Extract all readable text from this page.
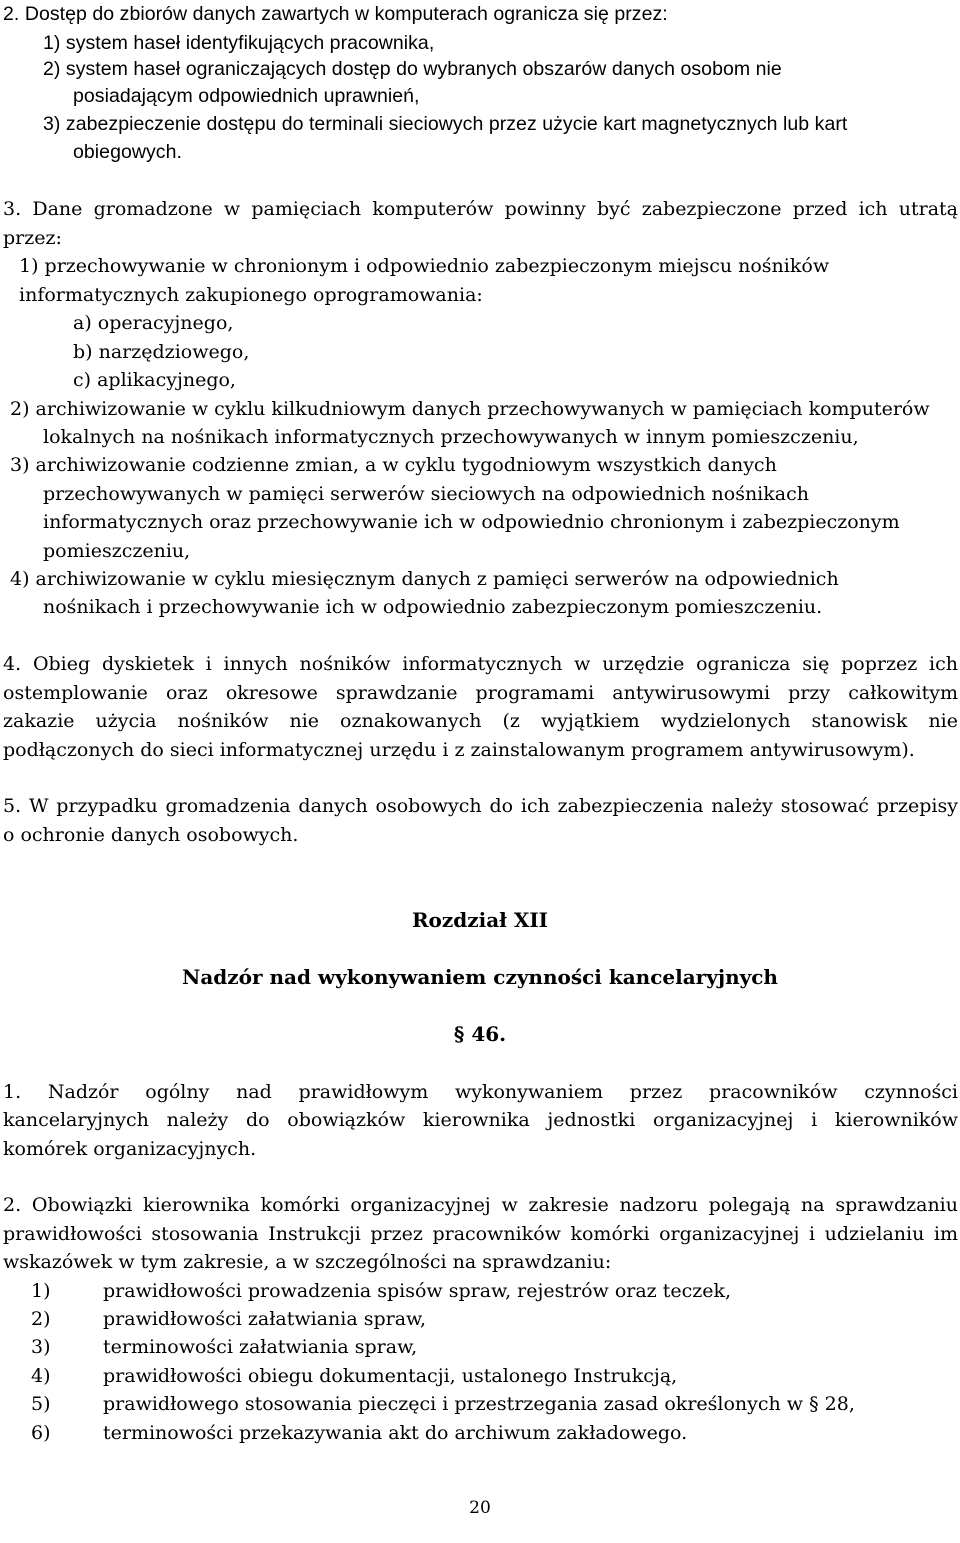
2. Dostęp do zbiorów danych zawartych w komputerach ogranicza się przez:
1) system haseł identyfikujących pracownika,
2) system haseł ograniczających dostęp do wybranych obszarów danych osobom nie
posiadającym odpowiednich uprawnień,
3) zabezpieczenie dostępu do terminali sieciowych przez użycie kart magnetycznych lub kart
obiegowych.
3. Dane gromadzone w pamięciach komputerów powinny być zabezpieczone przed ich utratą
przez:
1) przechowywanie w chronionym i odpowiednio zabezpieczonym miejscu nośników
informatycznych zakupionego oprogramowania:
a) operacyjnego,
b) narzędziowego,
c) aplikacyjnego,
2) archiwizowanie w cyklu kilkudniowym danych przechowywanych w pamięciach komputerów
lokalnych na nośnikach informatycznych przechowywanych w innym pomieszczeniu,
3) archiwizowanie codzienne zmian, a w cyklu tygodniowym wszystkich danych
przechowywanych w pamięci serwerów sieciowych na odpowiednich nośnikach
informatycznych oraz przechowywanie ich w odpowiednio chronionym i zabezpieczonym
pomieszczeniu,
4) archiwizowanie w cyklu miesięcznym danych z pamięci serwerów na odpowiednich
nośnikach i przechowywanie ich w odpowiednio zabezpieczonym pomieszczeniu.
4. Obieg dyskietek i innych nośników informatycznych w urzędzie ogranicza się poprzez ich
ostemplowanie oraz okresowe sprawdzanie programami antywirusowymi przy całkowitym
zakazie użycia nośników nie oznakowanych (z wyjątkiem wydzielonych stanowisk nie
podłączonych do sieci informatycznej urzędu i z zainstalowanym programem antywirusowym).
5. W przypadku gromadzenia danych osobowych do ich zabezpieczenia należy stosować przepisy
o ochronie danych osobowych.
Rozdział XII
Nadzór nad wykonywaniem czynności kancelaryjnych
§ 46.
1. Nadzór ogólny nad prawidłowym wykonywaniem przez pracowników czynności
kancelaryjnych należy do obowiązków kierownika jednostki organizacyjnej i kierowników
komórek organizacyjnych.
2. Obowiązki kierownika komórki organizacyjnej w zakresie nadzoru polegają na sprawdzaniu
prawidłowości stosowania Instrukcji przez pracowników komórki organizacyjnej i udzielaniu im
wskazówek w tym zakresie, a w szczególności na sprawdzaniu:
1)	prawidłowości prowadzenia spisów spraw, rejestrów oraz teczek,
2)	prawidłowości załatwiania spraw,
3)	terminowości załatwiania spraw,
4)	prawidłowości obiegu dokumentacji, ustalonego Instrukcją,
5)	prawidłowego stosowania pieczęci i przestrzegania zasad określonych w § 28,
6)	terminowości przekazywania akt do archiwum zakładowego.
20
